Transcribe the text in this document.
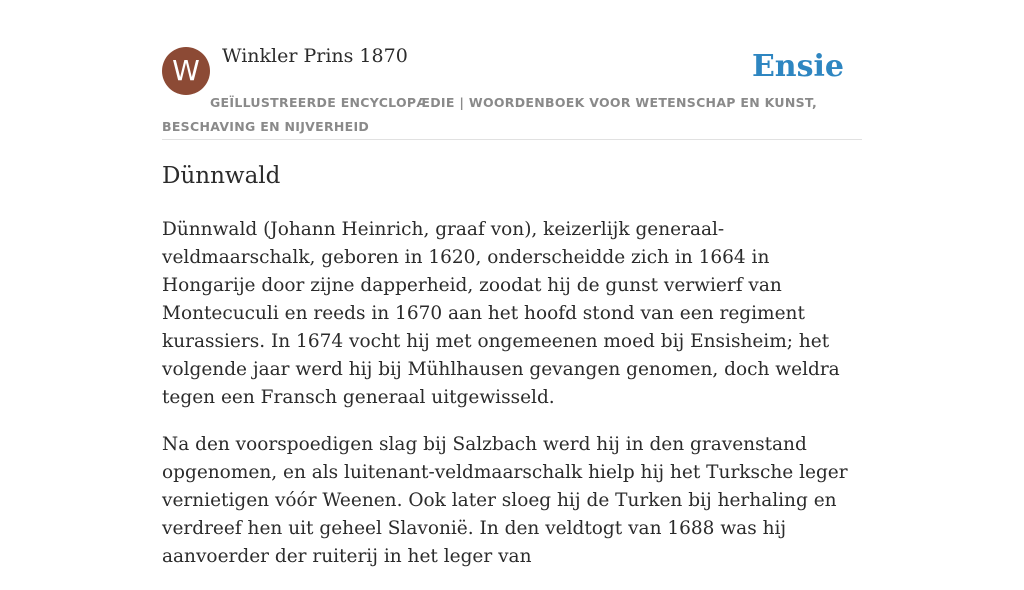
W	Winkler Prins 1870	Ensie
GEÏLLUSTREERDE ENCYCLOPÆDIE | WOORDENBOEK VOOR WETENSCHAP EN KUNST, BESCHAVING EN NIJVERHEID
Dünnwald

Dünnwald (Johann Heinrich, graaf von), keizerlijk generaal-veldmaarschalk, geboren in 1620, onderscheidde zich in 1664 in Hongarije door zijne dapperheid, zoodat hij de gunst verwierf van Montecuculi en reeds in 1670 aan het hoofd stond van een regiment kurassiers. In 1674 vocht hij met ongemeenen moed bij Ensisheim; het volgende jaar werd hij bij Mühlhausen gevangen genomen, doch weldra tegen een Fransch generaal uitgewisseld.

Na den voorspoedigen slag bij Salzbach werd hij in den gravenstand opgenomen, en als luitenant-veldmaarschalk hielp hij het Turksche leger vernietigen vóór Weenen. Ook later sloeg hij de Turken bij herhaling en verdreef hen uit geheel Slavonië. In den veldtogt van 1688 was hij aanvoerder der ruiterij in het leger van
